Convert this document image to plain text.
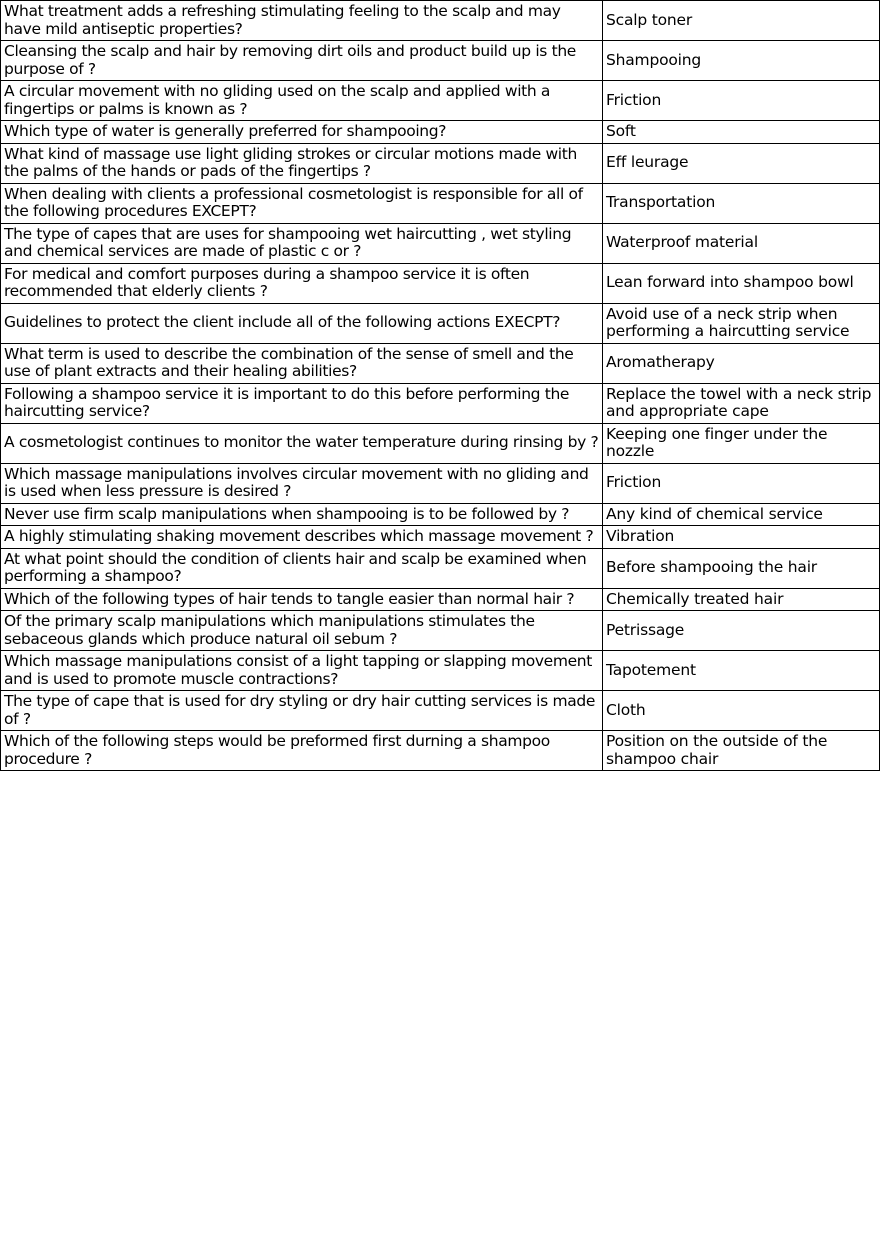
What treatment adds a refreshing stimulating feeling to the scalp and may have mild antiseptic properties?	Scalp toner
Cleansing the scalp and hair by removing dirt oils and product build up is the purpose of ?	Shampooing
A circular movement with no gliding used on the scalp and applied with a fingertips or palms is known as ?	Friction
Which type of water is generally preferred for shampooing?	Soft
What kind of massage use light gliding strokes or circular motions made with the palms of the hands or pads of the fingertips ?	Eff leurage
When dealing with clients a professional cosmetologist is responsible for all of the following procedures EXCEPT?	Transportation
The type of capes that are uses for shampooing wet haircutting , wet styling and chemical services are made of plastic c or ?	Waterproof material
For medical and comfort purposes during a shampoo service it is often recommended that elderly clients ?	Lean forward into shampoo bowl
Guidelines to protect the client include all of the following actions EXECPT?	Avoid use of a neck strip when performing a haircutting service
What term is used to describe the combination of the sense of smell and the use of plant extracts and their healing abilities?	Aromatherapy
Following a shampoo service it is important to do this before performing the haircutting service?	Replace the towel with a neck strip and appropriate cape
A cosmetologist continues to monitor the water temperature during rinsing by ?	Keeping one finger under the nozzle
Which massage manipulations involves circular movement with no gliding and is used when less pressure is desired ?	Friction
Never use firm scalp manipulations when shampooing is to be followed by ?	Any kind of chemical service
A highly stimulating shaking movement describes which massage movement ?	Vibration
At what point should the condition of clients hair and scalp be examined when performing a shampoo?	Before shampooing the hair
Which of the following types of hair tends to tangle easier than normal hair ?	Chemically treated hair
Of the primary scalp manipulations which manipulations stimulates the sebaceous glands which produce natural oil sebum ?	Petrissage
Which massage manipulations consist of a light tapping or slapping movement and is used to promote muscle contractions?	Tapotement
The type of cape that is used for dry styling or dry hair cutting services is made of ?	Cloth
Which of the following steps would be preformed first durning a shampoo procedure ?	Position on the outside of the shampoo chair
